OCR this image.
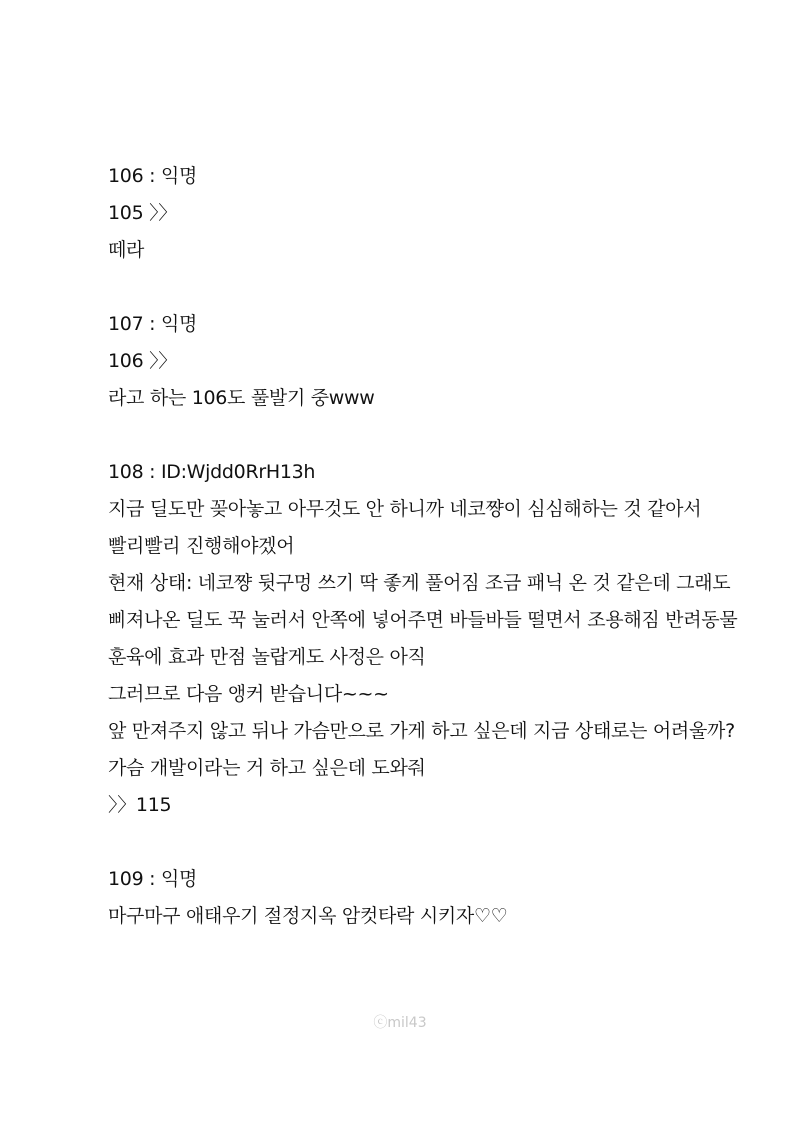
106 : 익명
105 〉〉
떼라
107 : 익명
106 〉〉
라고 하는 106도 풀발기 중www
108 : ID:Wjdd0RrH13h
지금 딜도만 꽂아놓고 아무것도 안 하니까 네코쨩이 심심해하는 것 같아서
빨리빨리 진행해야겠어
현재 상태: 네코쨩 뒷구멍 쓰기 딱 좋게 풀어짐 조금 패닉 온 것 같은데 그래도
삐져나온 딜도 꾹 눌러서 안쪽에 넣어주면 바들바들 떨면서 조용해짐 반려동물
훈육에 효과 만점 놀랍게도 사정은 아직
그러므로 다음 앵커 받습니다~~~
앞 만져주지 않고 뒤나 가슴만으로 가게 하고 싶은데 지금 상태로는 어려울까?
가슴 개발이라는 거 하고 싶은데 도와줘
〉〉115
109 : 익명
마구마구 애태우기 절정지옥 암컷타락 시키자♡♡
ⓒmil43
